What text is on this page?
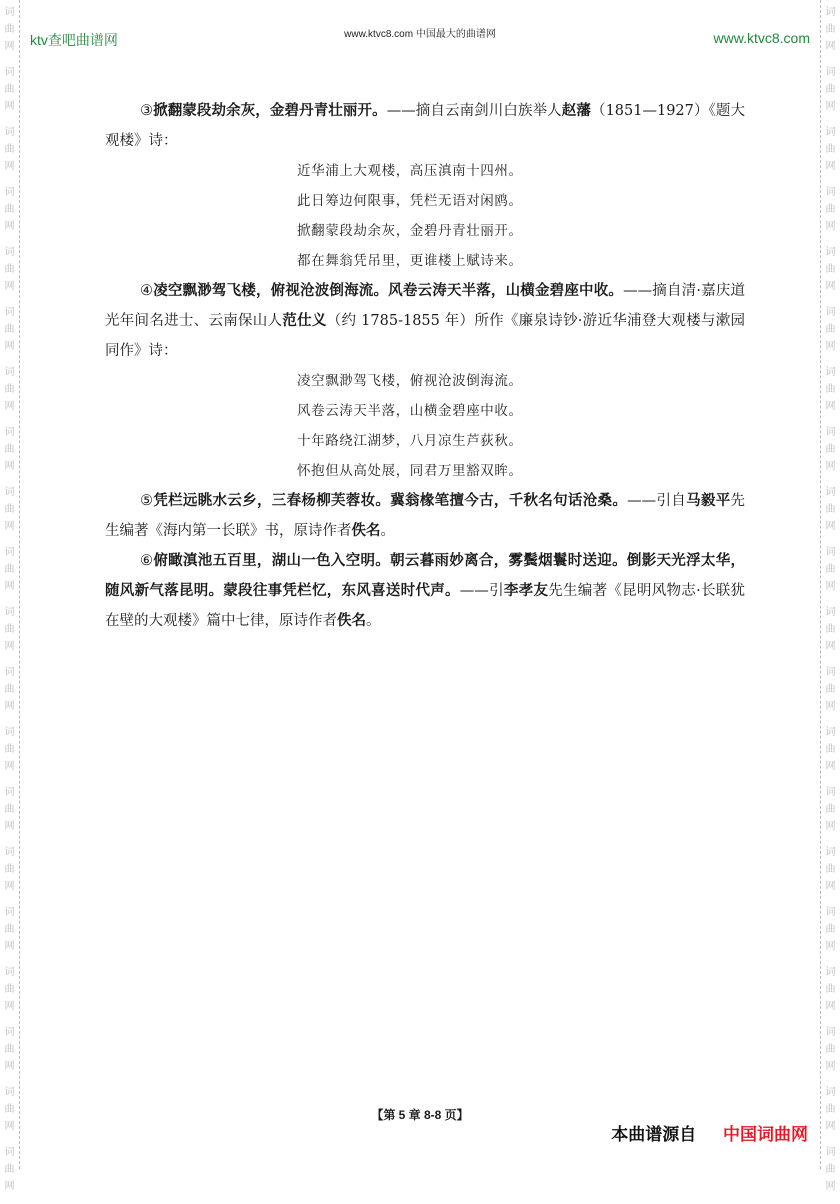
词
曲
网
词
曲
网
词
曲
网
词
曲
网
词
曲
网
词
曲
网
词
曲
网
词
曲
网
词
曲
网
词
曲
网
词
曲
网
词
曲
网
词
曲
网
词
曲
网
词
曲
网
词
曲
网
词
曲
网
词
曲
网
词
曲
网
词
曲
网
词
曲
网
词
曲
网
词
曲
网
词
曲
网
词
曲
网
词
曲
网
词
曲
网
词
曲
网
词
曲
网
词
曲
网
词
曲
网
词
曲
网
词
曲
网
词
曲
网
词
曲
网
词
曲
网
词
曲
网
词
曲
网
词
曲
网
词
曲
网
ktv查吧曲谱网	www.ktvc8.com 中国最大的曲谱网	www.ktvc8.com

③掀翻蒙段劫余灰，金碧丹青壮丽开。——摘自云南剑川白族举人赵藩（1851—1927）《题大观楼》诗：

近华浦上大观楼，高压滇南十四州。
此日筹边何限事，凭栏无语对闲鸥。
掀翻蒙段劫余灰，金碧丹青壮丽开。
都在舞翁凭吊里，更谁楼上赋诗来。

④凌空飘渺驾飞楼，俯视沧波倒海流。风卷云涛天半落，山横金碧座中收。——摘自清·嘉庆道光年间名进士、云南保山人范仕义（约 1785-1855 年）所作《廉泉诗钞·游近华浦登大观楼与漱园同作》诗：

凌空飘渺驾飞楼，俯视沧波倒海流。
风卷云涛天半落，山横金碧座中收。
十年路绕江湖梦，八月凉生芦荻秋。
怀抱但从高处展，同君万里豁双眸。

⑤凭栏远眺水云乡，三春杨柳芙蓉妆。冀翁椽笔擅今古，千秋名句话沧桑。——引自马毅平先生编著《海内第一长联》书，原诗作者佚名。

⑥俯瞰滇池五百里，湖山一色入空明。朝云暮雨妙离合，雾鬓烟鬟时送迎。倒影天光浮太华，随风新气落昆明。蒙段往事凭栏忆，东风喜送时代声。——引李孝友先生编著《昆明风物志·长联犹在壁的大观楼》篇中七律，原诗作者佚名。

【第 5 章 8-8 页】
本曲谱源自 中国词曲网
